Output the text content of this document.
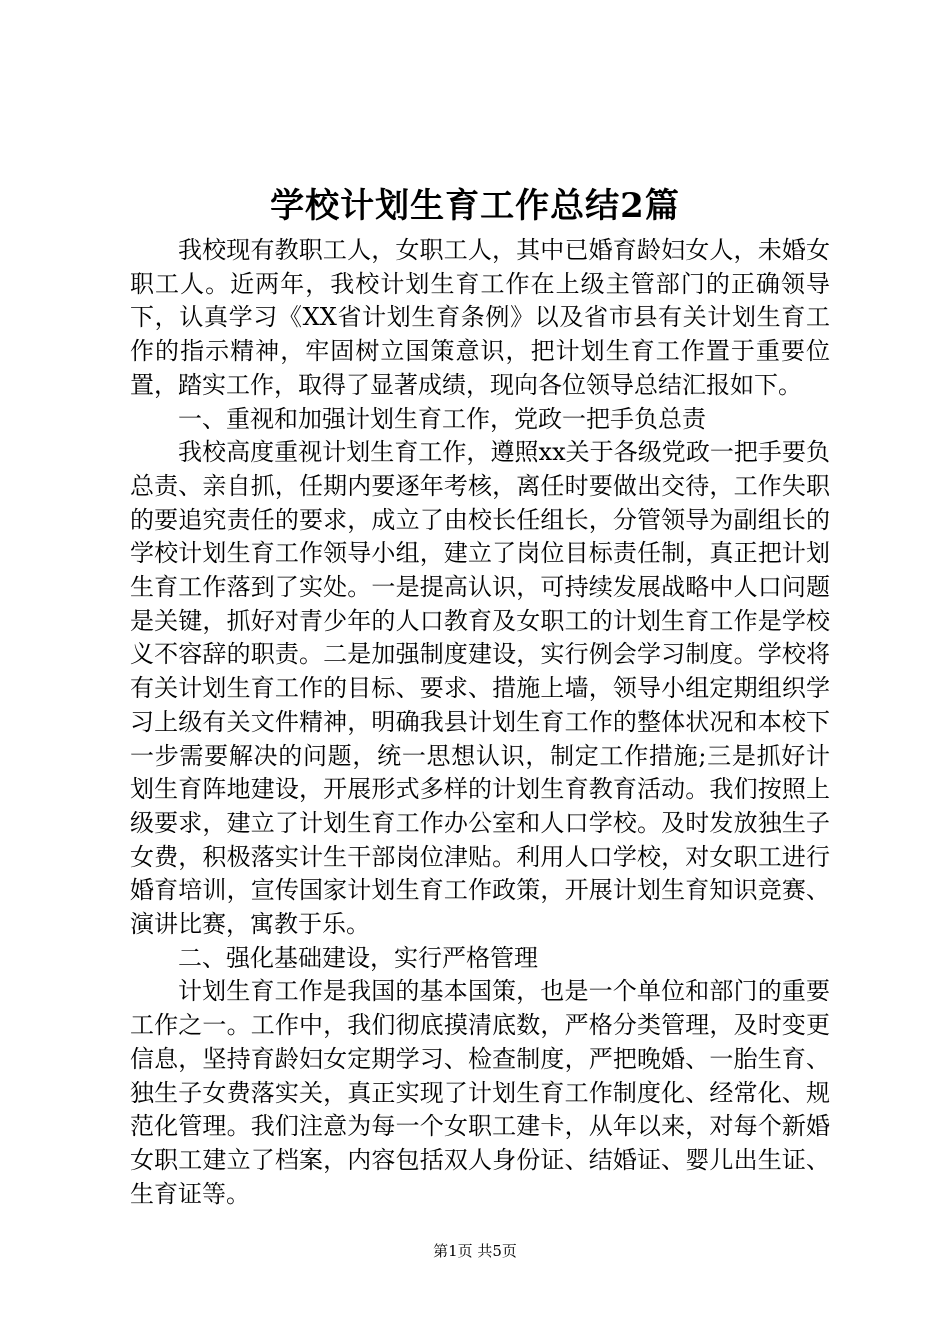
学校计划生育工作总结2篇

我校现有教职工人，女职工人，其中已婚育龄妇女人，未婚女职工人。近两年，我校计划生育工作在上级主管部门的正确领导下，认真学习《XX省计划生育条例》以及省市县有关计划生育工作的指示精神，牢固树立国策意识，把计划生育工作置于重要位置，踏实工作，取得了显著成绩，现向各位领导总结汇报如下。

一、重视和加强计划生育工作，党政一把手负总责

我校高度重视计划生育工作，遵照xx关于各级党政一把手要负总责、亲自抓，任期内要逐年考核，离任时要做出交待，工作失职的要追究责任的要求，成立了由校长任组长，分管领导为副组长的学校计划生育工作领导小组，建立了岗位目标责任制，真正把计划生育工作落到了实处。一是提高认识，可持续发展战略中人口问题是关键，抓好对青少年的人口教育及女职工的计划生育工作是学校义不容辞的职责。二是加强制度建设，实行例会学习制度。学校将有关计划生育工作的目标、要求、措施上墙，领导小组定期组织学习上级有关文件精神，明确我县计划生育工作的整体状况和本校下一步需要解决的问题，统一思想认识，制定工作措施;三是抓好计划生育阵地建设，开展形式多样的计划生育教育活动。我们按照上级要求，建立了计划生育工作办公室和人口学校。及时发放独生子女费，积极落实计生干部岗位津贴。利用人口学校，对女职工进行婚育培训，宣传国家计划生育工作政策，开展计划生育知识竞赛、演讲比赛，寓教于乐。

二、强化基础建设，实行严格管理

计划生育工作是我国的基本国策，也是一个单位和部门的重要工作之一。工作中，我们彻底摸清底数，严格分类管理，及时变更信息，坚持育龄妇女定期学习、检查制度，严把晚婚、一胎生育、独生子女费落实关，真正实现了计划生育工作制度化、经常化、规范化管理。我们注意为每一个女职工建卡，从年以来，对每个新婚女职工建立了档案，内容包括双人身份证、结婚证、婴儿出生证、生育证等。

第1页 共5页
